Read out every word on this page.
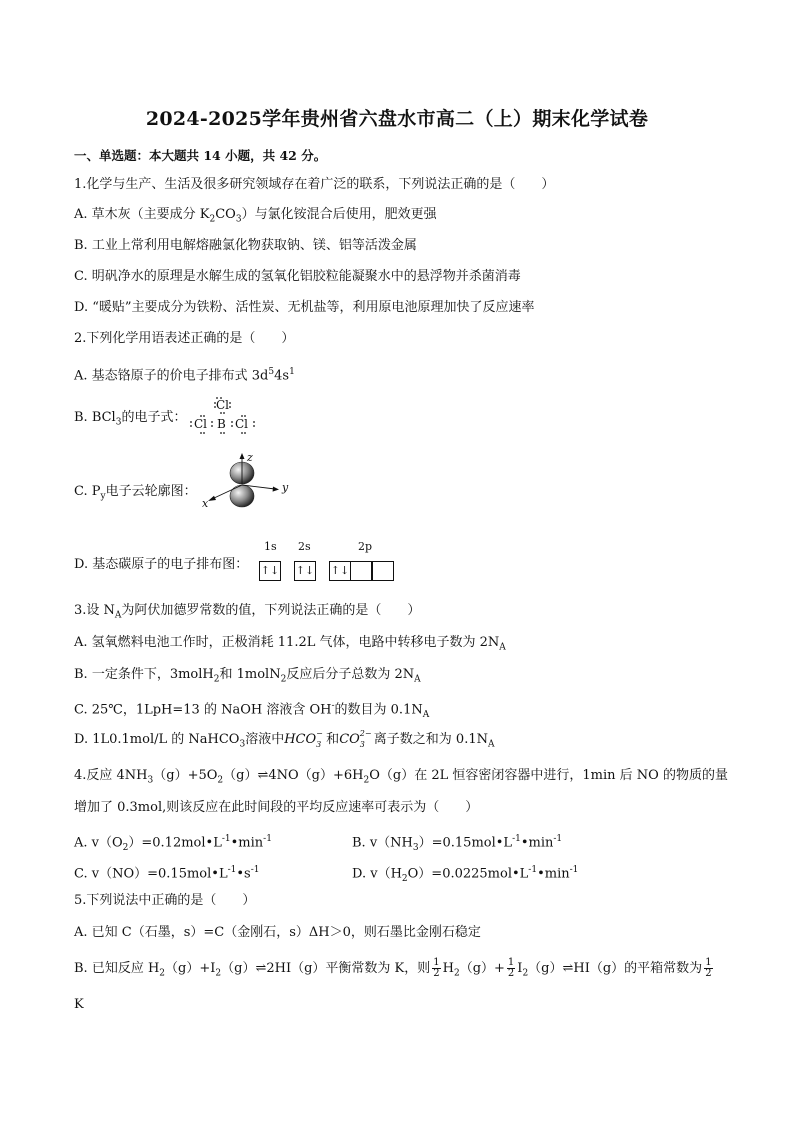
2024-2025学年贵州省六盘水市高二（上）期末化学试卷
一、单选题：本大题共 14 小题，共 42 分。
1.化学与生产、生活及很多研究领域存在着广泛的联系，下列说法正确的是（　　）
A. 草木灰（主要成分 $K_2CO_3$）与氯化铵混合后使用，肥效更强
B. 工业上常利用电解熔融氯化物获取钠、镁、铝等活泼金属
C. 明矾净水的原理是水解生成的氢氧化铝胶粒能凝聚水中的悬浮物并杀菌消毒
D. “暖贴”主要成分为铁粉、活性炭、无机盐等，利用原电池原理加快了反应速率
2.下列化学用语表述正确的是（　　）
A. 基态铬原子的价电子排布式 $3d^54s^1$
B. BCl$_3$的电子式：
Cl
Cl B Cl
C. $P_y$电子云轮廓图：
z
y
x
D. 基态碳原子的电子排布图：
1s 2s	2p
↑↓ ↑↓ ↑↓
3.设 $N_A$为阿伏加德罗常数的值，下列说法正确的是（　　）
A. 氢氧燃料电池工作时，正极消耗 11.2L 气体，电路中转移电子数为 $2N_A$
B. 一定条件下，3molH$_2$和 1molN$_2$反应后分子总数为 $2N_A$
C. 25℃，1LpH=13 的 NaOH 溶液含 OH-的数目为 $0.1N_A$
D. 1L0.1mol/L 的 NaHCO$_3$溶液中HCO −
3 和CO 2−
3 离子数之和为 $0.1N_A$
4.反应 $4NH_3(g)+5O_2(g)\rightleftharpoons 4NO(g)+6H_2O(g)$在 2L 恒容密闭容器中进行，1min 后 NO 的物质的量
增加了 0.3mol,则该反应在此时间段的平均反应速率可表示为（　　）
A. $v(O_2)=0.12mol•L^{-1}•\min^{-1}$	B. $v(NH_3)=0.15mol•L^{-1}•\min^{-1}$
C. $v(NO)=0.15mol•L^{-1}•s^{-1}$	D. $v(H_2O)=0.0225mol•L^{-1}•\min^{-1}$
5.下列说法中正确的是（　　）
A. 已知 C（石墨，s）=C（金刚石，s）ΔH＞0，则石墨比金刚石稳定
B. 已知反应 $H_2(g)+I_2(g)\rightleftharpoons 2HI(g)$平衡常数为 K，则 $\frac{1}{2} H_2(g)+ \frac{1}{2}$ $I_2(g)\rightleftharpoons HI(g)$的平箱常数为 $\frac{1}{2}$
K
